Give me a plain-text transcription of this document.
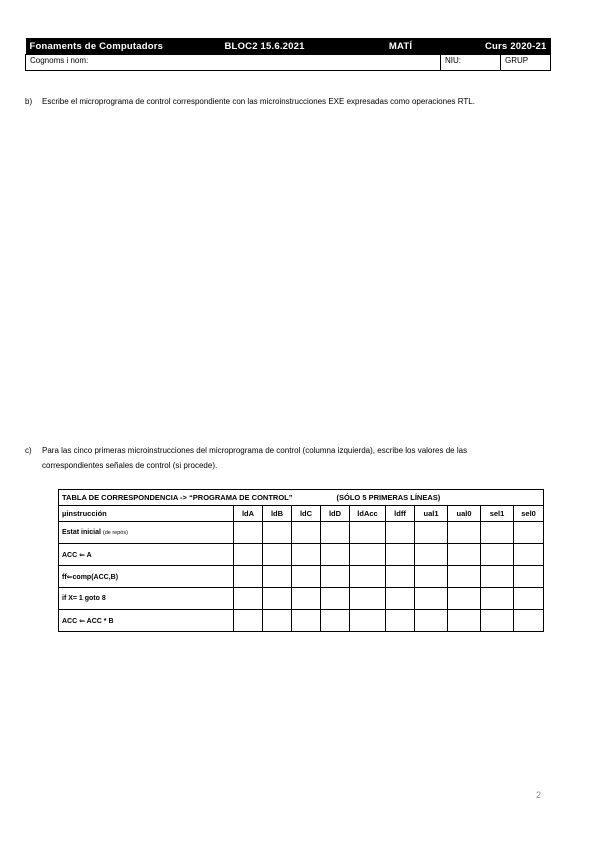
Fonaments de Computadors	BLOC2 15.6.2021	MATÍ	Curs 2020-21	
Cognoms i nom:			NIU:	GRUP
b) Escribe el microprograma de control correspondiente con las microinstrucciones EXE expresadas como operaciones RTL.
c) Para las cinco primeras microinstrucciones del microprograma de control (columna izquierda), escribe los valores de las
correspondientes señales de control (si procede).
TABLA DE CORRESPONDENCIA -> “PROGRAMA DE CONTROL” (SÓLO 5 PRIMERAS LÍNEAS)										
µinstrucción	ldA	ldB	ldC	ldD	ldAcc	ldff	ual1	ual0	sel1	sel0
Estat inicial (de repòs)										
ACC ⇐ A										
ff⇐comp(ACC,B)										
if X= 1 goto 8										
ACC ⇐ ACC * B										
2
